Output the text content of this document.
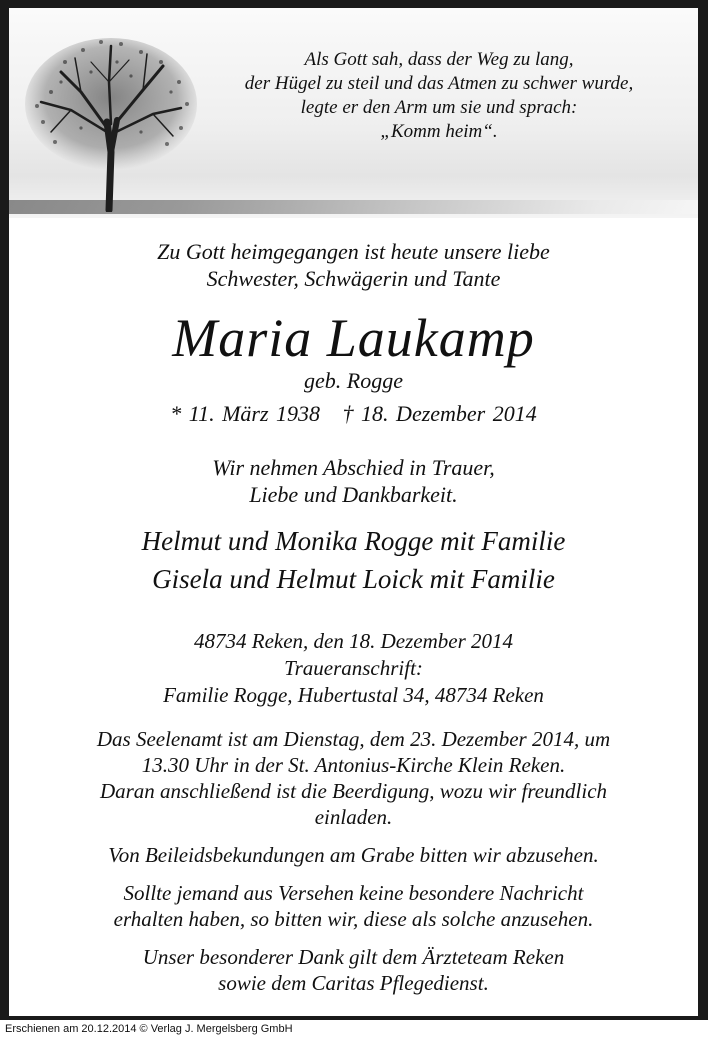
Als Gott sah, dass der Weg zu lang,
der Hügel zu steil und das Atmen zu schwer wurde,
legte er den Arm um sie und sprach:
„Komm heim“.
Zu Gott heimgegangen ist heute unsere liebe
Schwester, Schwägerin und Tante
Maria Laukamp
geb. Rogge
* 11. März 1938   † 18. Dezember 2014
Wir nehmen Abschied in Trauer,
Liebe und Dankbarkeit.
Helmut und Monika Rogge mit Familie
Gisela und Helmut Loick mit Familie
48734 Reken, den 18. Dezember 2014
Traueranschrift:
Familie Rogge, Hubertustal 34, 48734 Reken
Das Seelenamt ist am Dienstag, dem 23. Dezember 2014, um
13.30 Uhr in der St. Antonius-Kirche Klein Reken.
Daran anschließend ist die Beerdigung, wozu wir freundlich
einladen.
Von Beileidsbekundungen am Grabe bitten wir abzusehen.
Sollte jemand aus Versehen keine besondere Nachricht
erhalten haben, so bitten wir, diese als solche anzusehen.
Unser besonderer Dank gilt dem Ärzteteam Reken
sowie dem Caritas Pflegedienst.
Erschienen am 20.12.2014 © Verlag J. Mergelsberg GmbH
